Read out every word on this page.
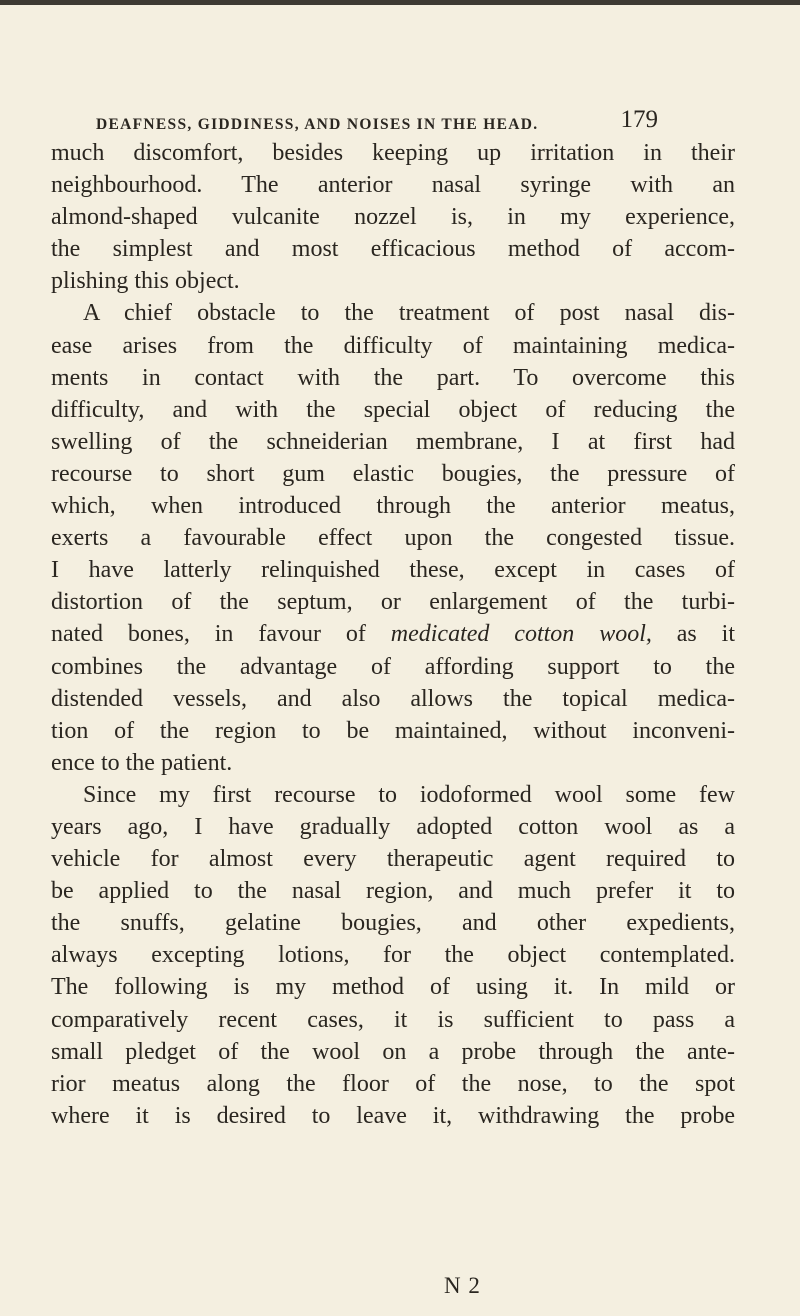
DEAFNESS, GIDDINESS, AND NOISES IN THE HEAD.	179
much discomfort, besides keeping up irritation in their
neighbourhood. The anterior nasal syringe with an
almond-shaped vulcanite nozzel is, in my experience,
the simplest and most efficacious method of accom-
plishing this object.
A chief obstacle to the treatment of post nasal dis-
ease arises from the difficulty of maintaining medica-
ments in contact with the part. To overcome this
difficulty, and with the special object of reducing the
swelling of the schneiderian membrane, I at first had
recourse to short gum elastic bougies, the pressure of
which, when introduced through the anterior meatus,
exerts a favourable effect upon the congested tissue.
I have latterly relinquished these, except in cases of
distortion of the septum, or enlargement of the turbi-
nated bones, in favour of medicated cotton wool, as it
combines the advantage of affording support to the
distended vessels, and also allows the topical medica-
tion of the region to be maintained, without inconveni-
ence to the patient.
Since my first recourse to iodoformed wool some few
years ago, I have gradually adopted cotton wool as a
vehicle for almost every therapeutic agent required to
be applied to the nasal region, and much prefer it to
the snuffs, gelatine bougies, and other expedients,
always excepting lotions, for the object contemplated.
The following is my method of using it. In mild or
comparatively recent cases, it is sufficient to pass a
small pledget of the wool on a probe through the ante-
rior meatus along the floor of the nose, to the spot
where it is desired to leave it, withdrawing the probe
N 2
